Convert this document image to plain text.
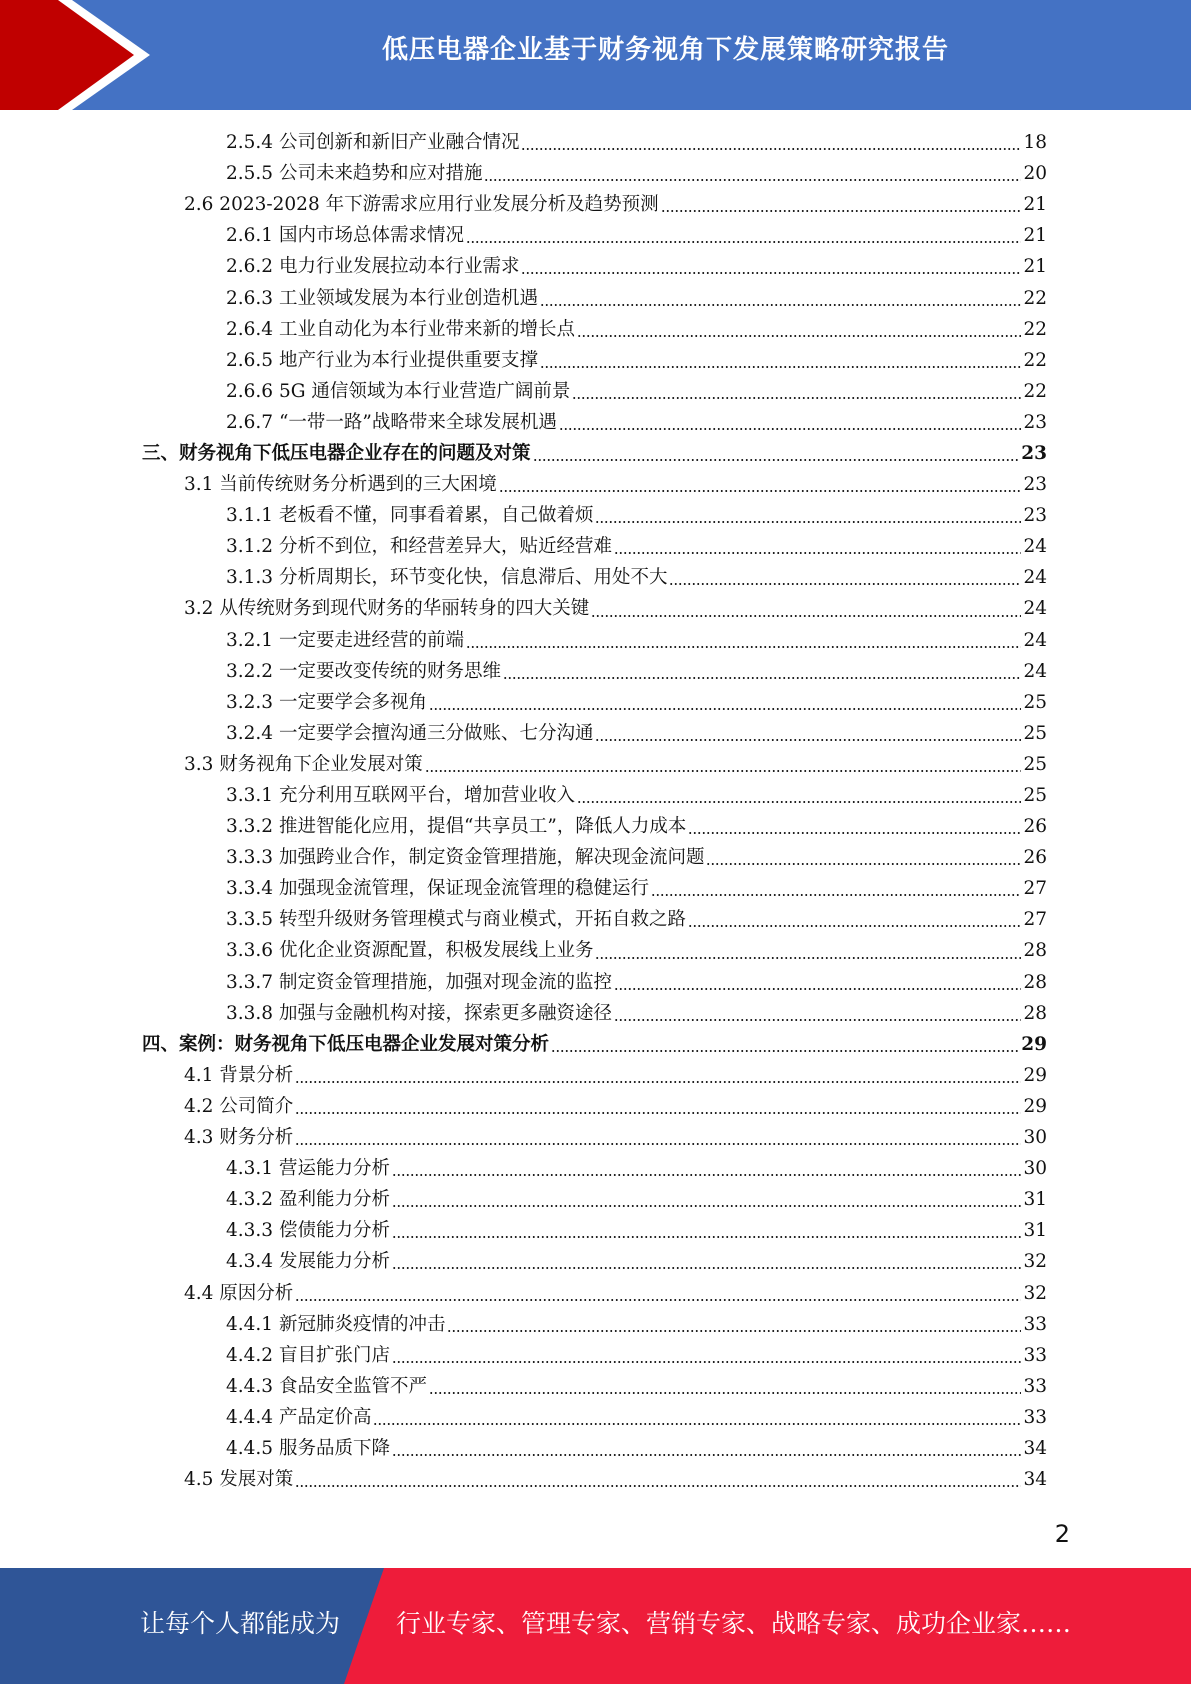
低压电器企业基于财务视角下发展策略研究报告
2.5.4 公司创新和新旧产业融合情况	18
2.5.5 公司未来趋势和应对措施	20
2.6 2023-2028 年下游需求应用行业发展分析及趋势预测	21
2.6.1 国内市场总体需求情况	21
2.6.2 电力行业发展拉动本行业需求	21
2.6.3 工业领域发展为本行业创造机遇	22
2.6.4 工业自动化为本行业带来新的增长点	22
2.6.5 地产行业为本行业提供重要支撑	22
2.6.6 5G 通信领域为本行业营造广阔前景	22
2.6.7 “一带一路”战略带来全球发展机遇	23
三、财务视角下低压电器企业存在的问题及对策	23
3.1 当前传统财务分析遇到的三大困境	23
3.1.1 老板看不懂，同事看着累，自己做着烦	23
3.1.2 分析不到位，和经营差异大，贴近经营难	24
3.1.3 分析周期长，环节变化快，信息滞后、用处不大	24
3.2 从传统财务到现代财务的华丽转身的四大关键	24
3.2.1 一定要走进经营的前端	24
3.2.2 一定要改变传统的财务思维	24
3.2.3 一定要学会多视角	25
3.2.4 一定要学会擅沟通三分做账、七分沟通	25
3.3 财务视角下企业发展对策	25
3.3.1 充分利用互联网平台，增加营业收入	25
3.3.2 推进智能化应用，提倡“共享员工”，降低人力成本	26
3.3.3 加强跨业合作，制定资金管理措施，解决现金流问题	26
3.3.4 加强现金流管理，保证现金流管理的稳健运行	27
3.3.5 转型升级财务管理模式与商业模式，开拓自救之路	27
3.3.6 优化企业资源配置，积极发展线上业务	28
3.3.7 制定资金管理措施，加强对现金流的监控	28
3.3.8 加强与金融机构对接，探索更多融资途径	28
四、案例：财务视角下低压电器企业发展对策分析	29
4.1 背景分析	29
4.2 公司简介	29
4.3 财务分析	30
4.3.1 营运能力分析	30
4.3.2 盈利能力分析	31
4.3.3 偿债能力分析	31
4.3.4 发展能力分析	32
4.4 原因分析	32
4.4.1 新冠肺炎疫情的冲击	33
4.4.2 盲目扩张门店	33
4.4.3 食品安全监管不严	33
4.4.4 产品定价高	33
4.4.5 服务品质下降	34
4.5 发展对策	34
2
让每个人都能成为 行业专家、管理专家、营销专家、战略专家、成功企业家……
